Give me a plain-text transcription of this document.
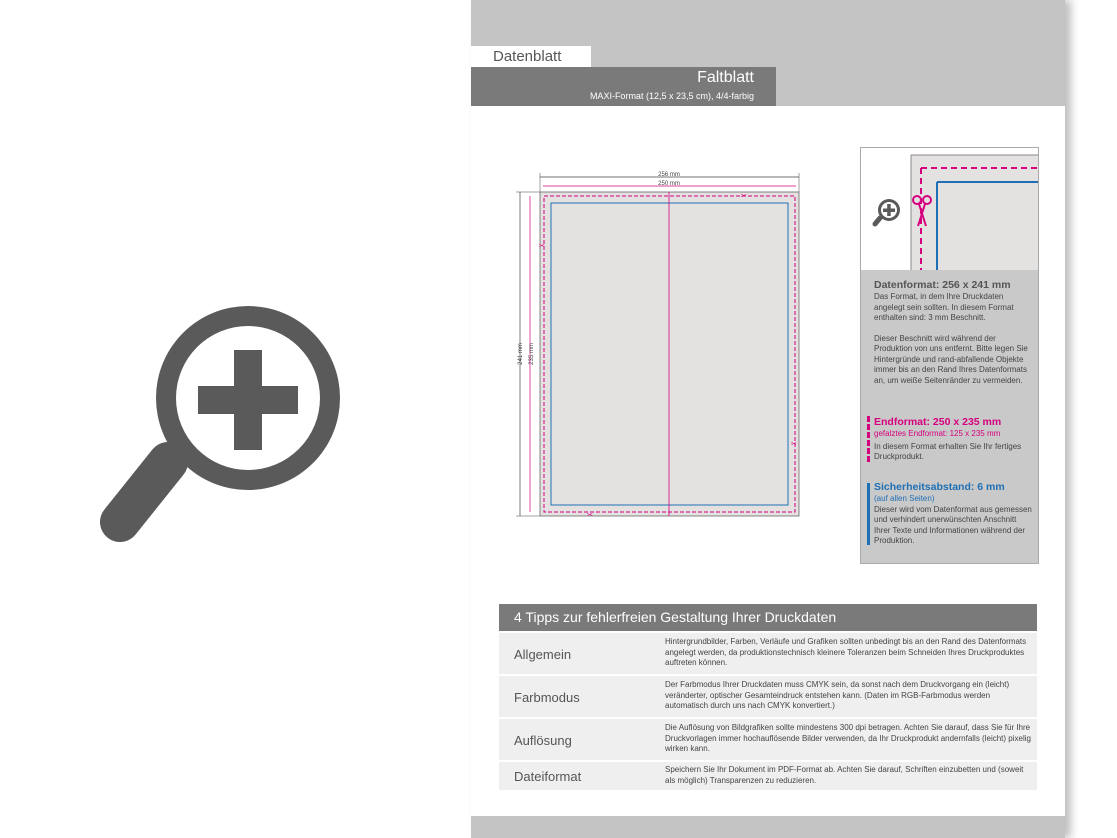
Datenblatt
Faltblatt
MAXI-Format (12,5 x 23,5 cm), 4/4-farbig
256 mm
250 mm
241 mm 235 mm
✂
✂
✂
✂
Datenformat: 256 x 241 mm
Das Format, in dem Ihre Druckdaten angelegt sein sollten. In diesem Format enthalten sind: 3 mm Beschnitt.
Dieser Beschnitt wird während der Produktion von uns entfernt. Bitte legen Sie Hintergründe und rand-abfallende Objekte immer bis an den Rand Ihres Datenformats an, um weiße Seitenränder zu vermeiden.
Endformat: 250 x 235 mm
gefalztes Endformat: 125 x 235 mm
In diesem Format erhalten Sie Ihr fertiges Druckprodukt.
Sicherheitsabstand: 6 mm
(auf allen Seiten)
Dieser wird vom Datenformat aus gemessen und verhindert unerwünschten Anschnitt Ihrer Texte und Informationen während der Produktion.
4 Tipps zur fehlerfreien Gestaltung Ihrer Druckdaten
Allgemein
Hintergrundbilder, Farben, Verläufe und Grafiken sollten unbedingt bis an den Rand des Datenformats angelegt werden, da produktionstechnisch kleinere Toleranzen beim Schneiden Ihres Druckproduktes auftreten können.
Farbmodus
Der Farbmodus Ihrer Druckdaten muss CMYK sein, da sonst nach dem Druckvorgang ein (leicht) veränderter, optischer Gesamteindruck entstehen kann. (Daten im RGB-Farbmodus werden automatisch durch uns nach CMYK konvertiert.)
Auflösung
Die Auflösung von Bildgrafiken sollte mindestens 300 dpi betragen. Achten Sie darauf, dass Sie für Ihre Druckvorlagen immer hochauflösende Bilder verwenden, da Ihr Druckprodukt andernfalls (leicht) pixelig wirken kann.
Dateiformat	Speichern Sie Ihr Dokument im PDF-Format ab. Achten Sie darauf, Schriften einzubetten und (soweit als möglich) Transparenzen zu reduzieren.
